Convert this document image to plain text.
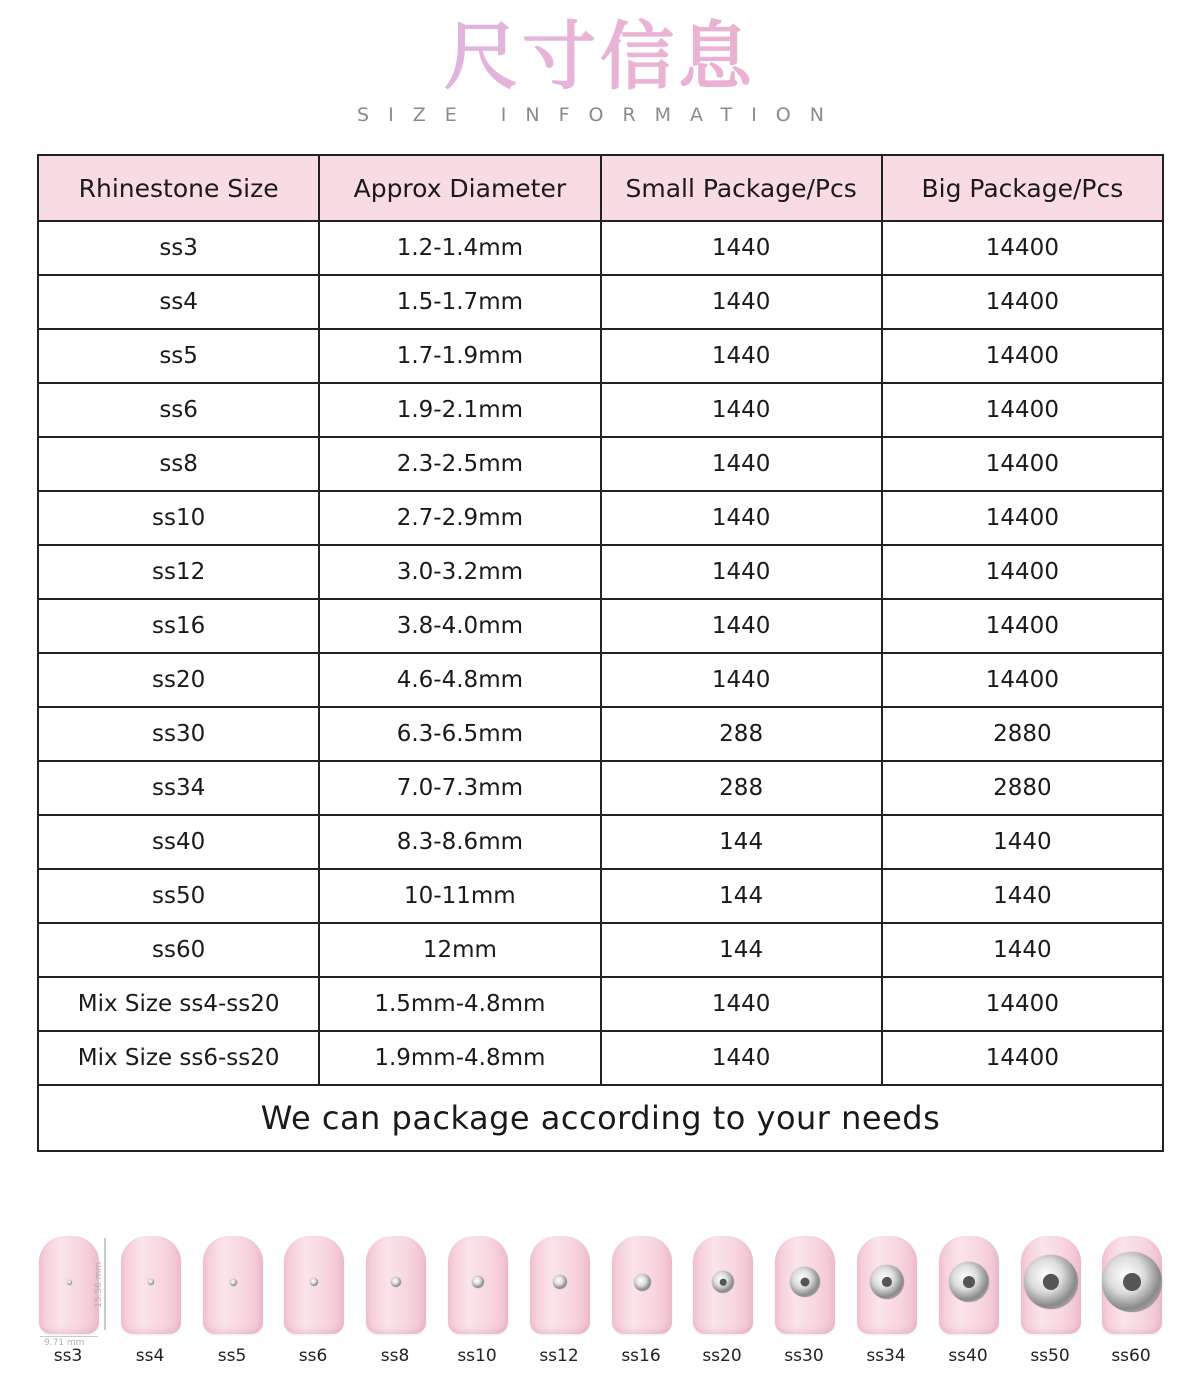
尺寸信息
SIZE INFORMATION
Rhinestone Size	Approx Diameter	Small Package/Pcs	Big Package/Pcs
ss3	1.2-1.4mm	1440	14400
ss4	1.5-1.7mm	1440	14400
ss5	1.7-1.9mm	1440	14400
ss6	1.9-2.1mm	1440	14400
ss8	2.3-2.5mm	1440	14400
ss10	2.7-2.9mm	1440	14400
ss12	3.0-3.2mm	1440	14400
ss16	3.8-4.0mm	1440	14400
ss20	4.6-4.8mm	1440	14400
ss30	6.3-6.5mm	288	2880
ss34	7.0-7.3mm	288	2880
ss40	8.3-8.6mm	144	1440
ss50	10-11mm	144	1440
ss60	12mm	144	1440
Mix Size ss4-ss20	1.5mm-4.8mm	1440	14400
Mix Size ss6-ss20	1.9mm-4.8mm	1440	14400
We can package according to your needs			
ss3
15.56 mm
9.71 mm
ss4	ss5	ss6	ss8	ss10	ss12	ss16	ss20	ss30	ss34	ss40	ss50	ss60
